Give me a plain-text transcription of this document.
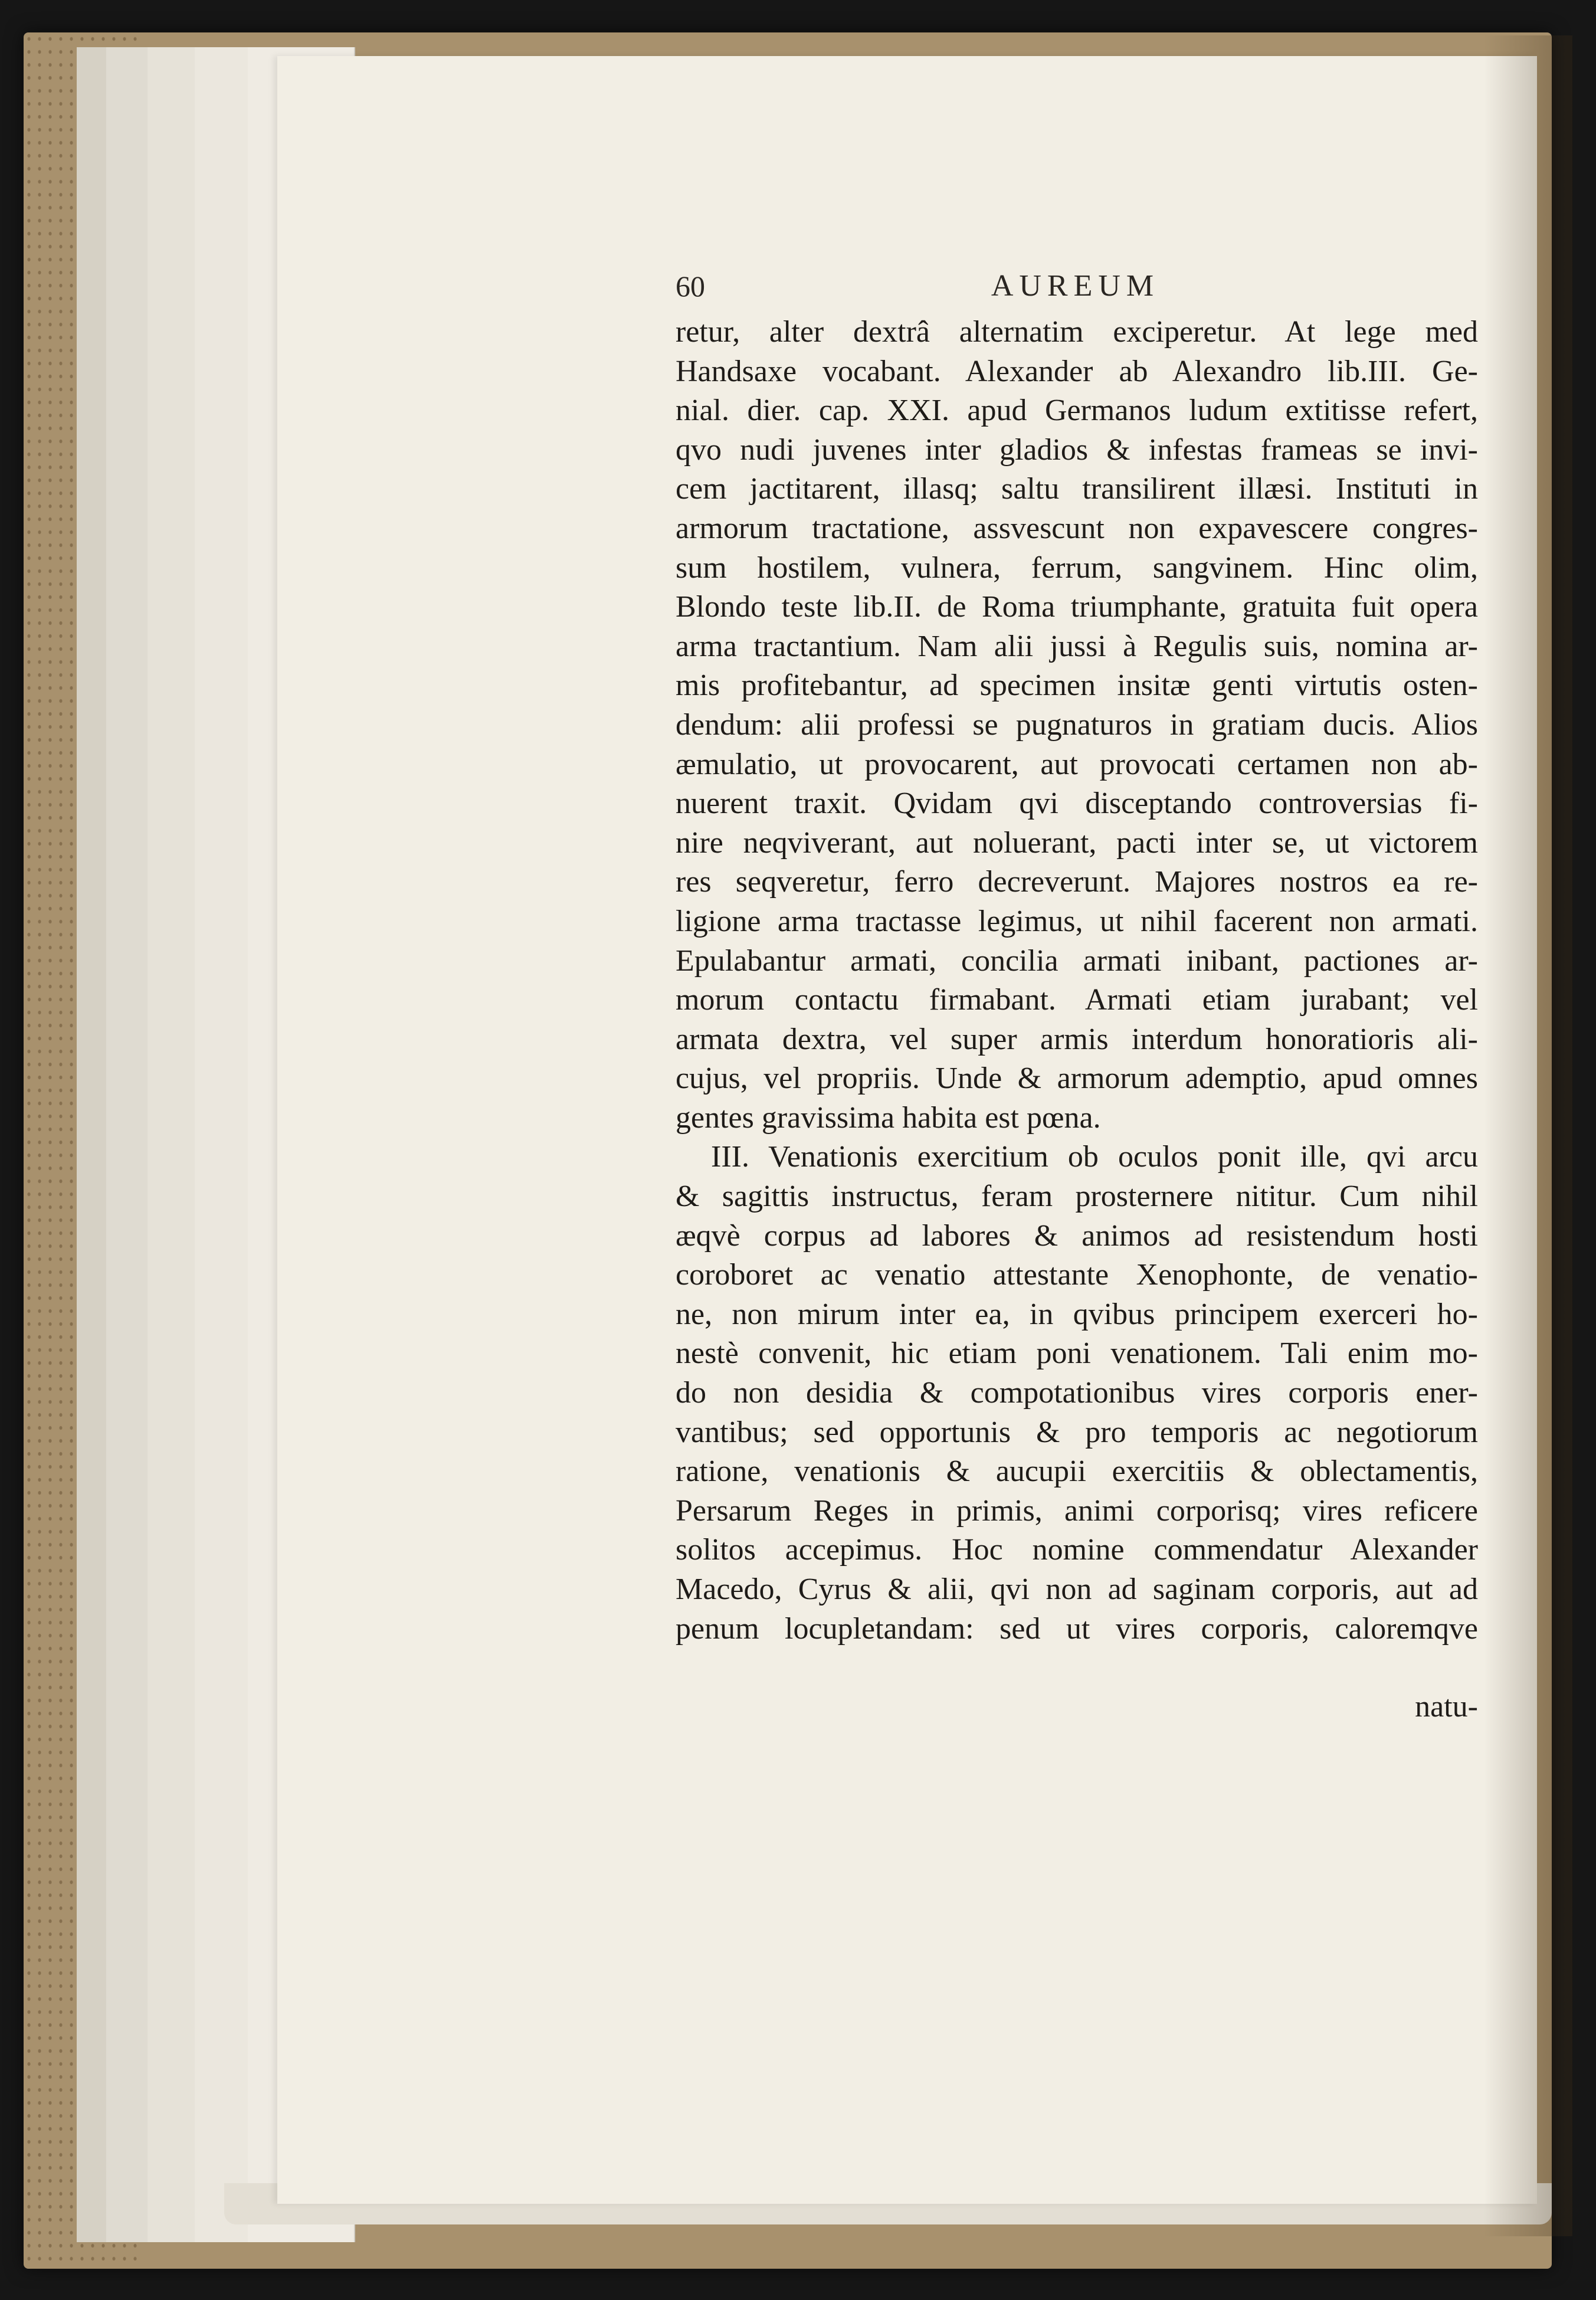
60	AUREUM
retur, alter dextrâ alternatim exciperetur. At lege med
Handsaxe vocabant. Alexander ab Alexandro lib.III. Ge-
nial. dier. cap. XXI. apud Germanos ludum extitisse refert,
qvo nudi juvenes inter gladios & infestas frameas se invi-
cem jactitarent, illasq; saltu transilirent illæsi. Instituti in
armorum tractatione, assvescunt non expavescere congres-
sum hostilem, vulnera, ferrum, sangvinem. Hinc olim,
Blondo teste lib.II. de Roma triumphante, gratuita fuit opera
arma tractantium. Nam alii jussi à Regulis suis, nomina ar-
mis profitebantur, ad specimen insitæ genti virtutis osten-
dendum: alii professi se pugnaturos in gratiam ducis. Alios
æmulatio, ut provocarent, aut provocati certamen non ab-
nuerent traxit. Qvidam qvi disceptando controversias fi-
nire neqviverant, aut noluerant, pacti inter se, ut victorem
res seqveretur, ferro decreverunt. Majores nostros ea re-
ligione arma tractasse legimus, ut nihil facerent non armati.
Epulabantur armati, concilia armati inibant, pactiones ar-
morum contactu firmabant. Armati etiam jurabant; vel
armata dextra, vel super armis interdum honoratioris ali-
cujus, vel propriis. Unde & armorum ademptio, apud omnes
gentes gravissima habita est pœna.
III. Venationis exercitium ob oculos ponit ille, qvi arcu
& sagittis instructus, feram prosternere nititur. Cum nihil
æqvè corpus ad labores & animos ad resistendum hosti
coroboret ac venatio attestante Xenophonte, de venatio-
ne, non mirum inter ea, in qvibus principem exerceri ho-
nestè convenit, hic etiam poni venationem. Tali enim mo-
do non desidia & compotationibus vires corporis ener-
vantibus; sed opportunis & pro temporis ac negotiorum
ratione, venationis & aucupii exercitiis & oblectamentis,
Persarum Reges in primis, animi corporisq; vires reficere
solitos accepimus. Hoc nomine commendatur Alexander
Macedo, Cyrus & alii, qvi non ad saginam corporis, aut ad
penum locupletandam: sed ut vires corporis, caloremqve
natu-
